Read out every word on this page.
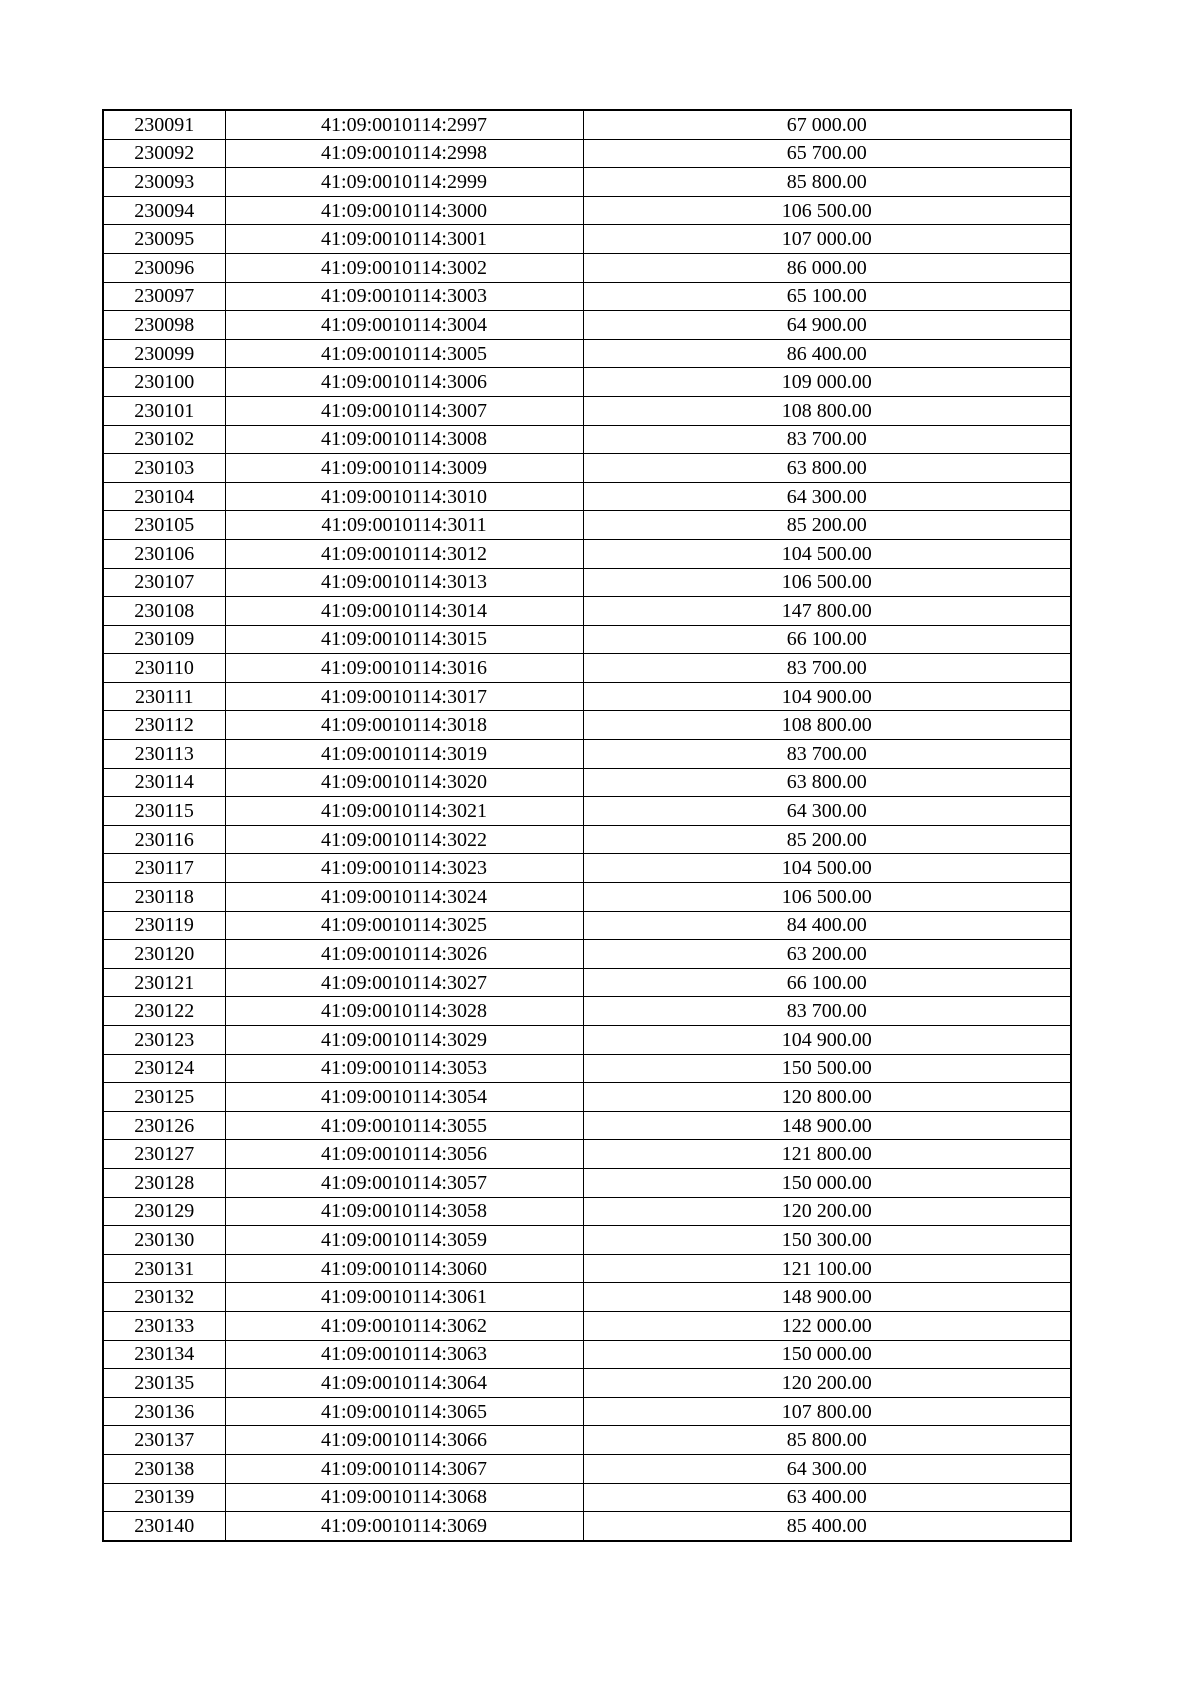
230091	41:09:0010114:2997	67 000.00
230092	41:09:0010114:2998	65 700.00
230093	41:09:0010114:2999	85 800.00
230094	41:09:0010114:3000	106 500.00
230095	41:09:0010114:3001	107 000.00
230096	41:09:0010114:3002	86 000.00
230097	41:09:0010114:3003	65 100.00
230098	41:09:0010114:3004	64 900.00
230099	41:09:0010114:3005	86 400.00
230100	41:09:0010114:3006	109 000.00
230101	41:09:0010114:3007	108 800.00
230102	41:09:0010114:3008	83 700.00
230103	41:09:0010114:3009	63 800.00
230104	41:09:0010114:3010	64 300.00
230105	41:09:0010114:3011	85 200.00
230106	41:09:0010114:3012	104 500.00
230107	41:09:0010114:3013	106 500.00
230108	41:09:0010114:3014	147 800.00
230109	41:09:0010114:3015	66 100.00
230110	41:09:0010114:3016	83 700.00
230111	41:09:0010114:3017	104 900.00
230112	41:09:0010114:3018	108 800.00
230113	41:09:0010114:3019	83 700.00
230114	41:09:0010114:3020	63 800.00
230115	41:09:0010114:3021	64 300.00
230116	41:09:0010114:3022	85 200.00
230117	41:09:0010114:3023	104 500.00
230118	41:09:0010114:3024	106 500.00
230119	41:09:0010114:3025	84 400.00
230120	41:09:0010114:3026	63 200.00
230121	41:09:0010114:3027	66 100.00
230122	41:09:0010114:3028	83 700.00
230123	41:09:0010114:3029	104 900.00
230124	41:09:0010114:3053	150 500.00
230125	41:09:0010114:3054	120 800.00
230126	41:09:0010114:3055	148 900.00
230127	41:09:0010114:3056	121 800.00
230128	41:09:0010114:3057	150 000.00
230129	41:09:0010114:3058	120 200.00
230130	41:09:0010114:3059	150 300.00
230131	41:09:0010114:3060	121 100.00
230132	41:09:0010114:3061	148 900.00
230133	41:09:0010114:3062	122 000.00
230134	41:09:0010114:3063	150 000.00
230135	41:09:0010114:3064	120 200.00
230136	41:09:0010114:3065	107 800.00
230137	41:09:0010114:3066	85 800.00
230138	41:09:0010114:3067	64 300.00
230139	41:09:0010114:3068	63 400.00
230140	41:09:0010114:3069	85 400.00
